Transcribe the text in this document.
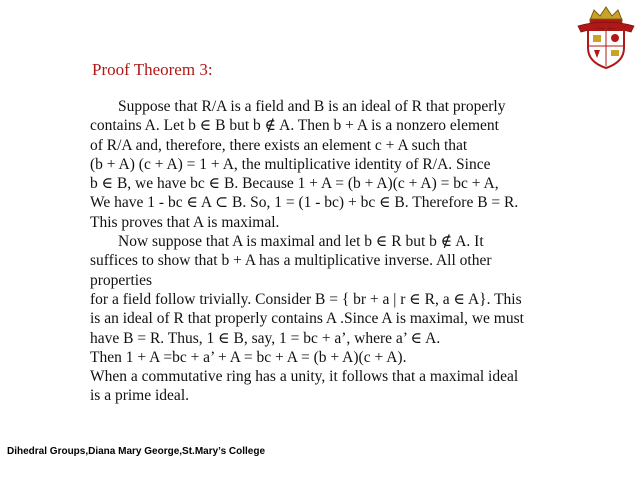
Proof Theorem 3:
Suppose that R/A is a field and B is an ideal of R that properly
contains A. Let b ∈ B but b ∉ A. Then b + A is a nonzero element
of R/A and, therefore, there exists an element c + A such that
(b + A) (c + A) = 1 + A, the multiplicative identity of R/A. Since
b ∈ B, we have bc ∈ B. Because 1 + A = (b + A)(c + A) = bc + A,
We have 1 - bc ∈ A ⊂ B. So, 1 = (1 - bc) + bc ∈ B. Therefore B = R.
This proves that A is maximal.
Now suppose that A is maximal and let b ∈ R but b ∉ A. It
suffices to show that b + A has a multiplicative inverse. All other
properties
for a field follow trivially. Consider B = { br + a | r ∈ R, a ∈ A}. This
is an ideal of R that properly contains A .Since A is maximal, we must
have B = R. Thus, 1 ∈ B, say, 1 = bc + a’, where a’ ∈ A.
Then 1 + A =bc + a’ + A = bc + A = (b + A)(c + A).
When a commutative ring has a unity, it follows that a maximal ideal
is a prime ideal.
Dihedral Groups,Diana Mary George,St.Mary’s College
